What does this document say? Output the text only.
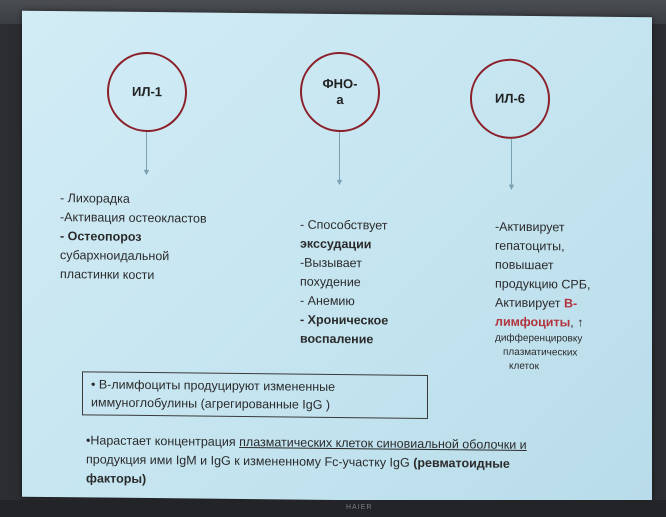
ИЛ-1
ФНО-
а	ИЛ-6
▼
▼	▼
- Лихорадка
-Активация остеокластов
- Остеопороз
субархноидальной
пластинки кости
- Способствует
экссудации
-Вызывает
похудение
- Анемию
- Хроническое
воспаление
-Активирует
гепатоциты,
повышает
продукцию СРБ,
Активирует В-
лимфоциты, ↑
дифференцировку
плазматических
клеток
• В-лимфоциты продуцируют измененные
иммуноглобулины (агрегированные IgG )
•Нарастает концентрация плазматических клеток синовиальной оболочки и
продукция ими IgM и IgG к измененному Fc-участку IgG (ревматоидные
факторы)
HAIER
